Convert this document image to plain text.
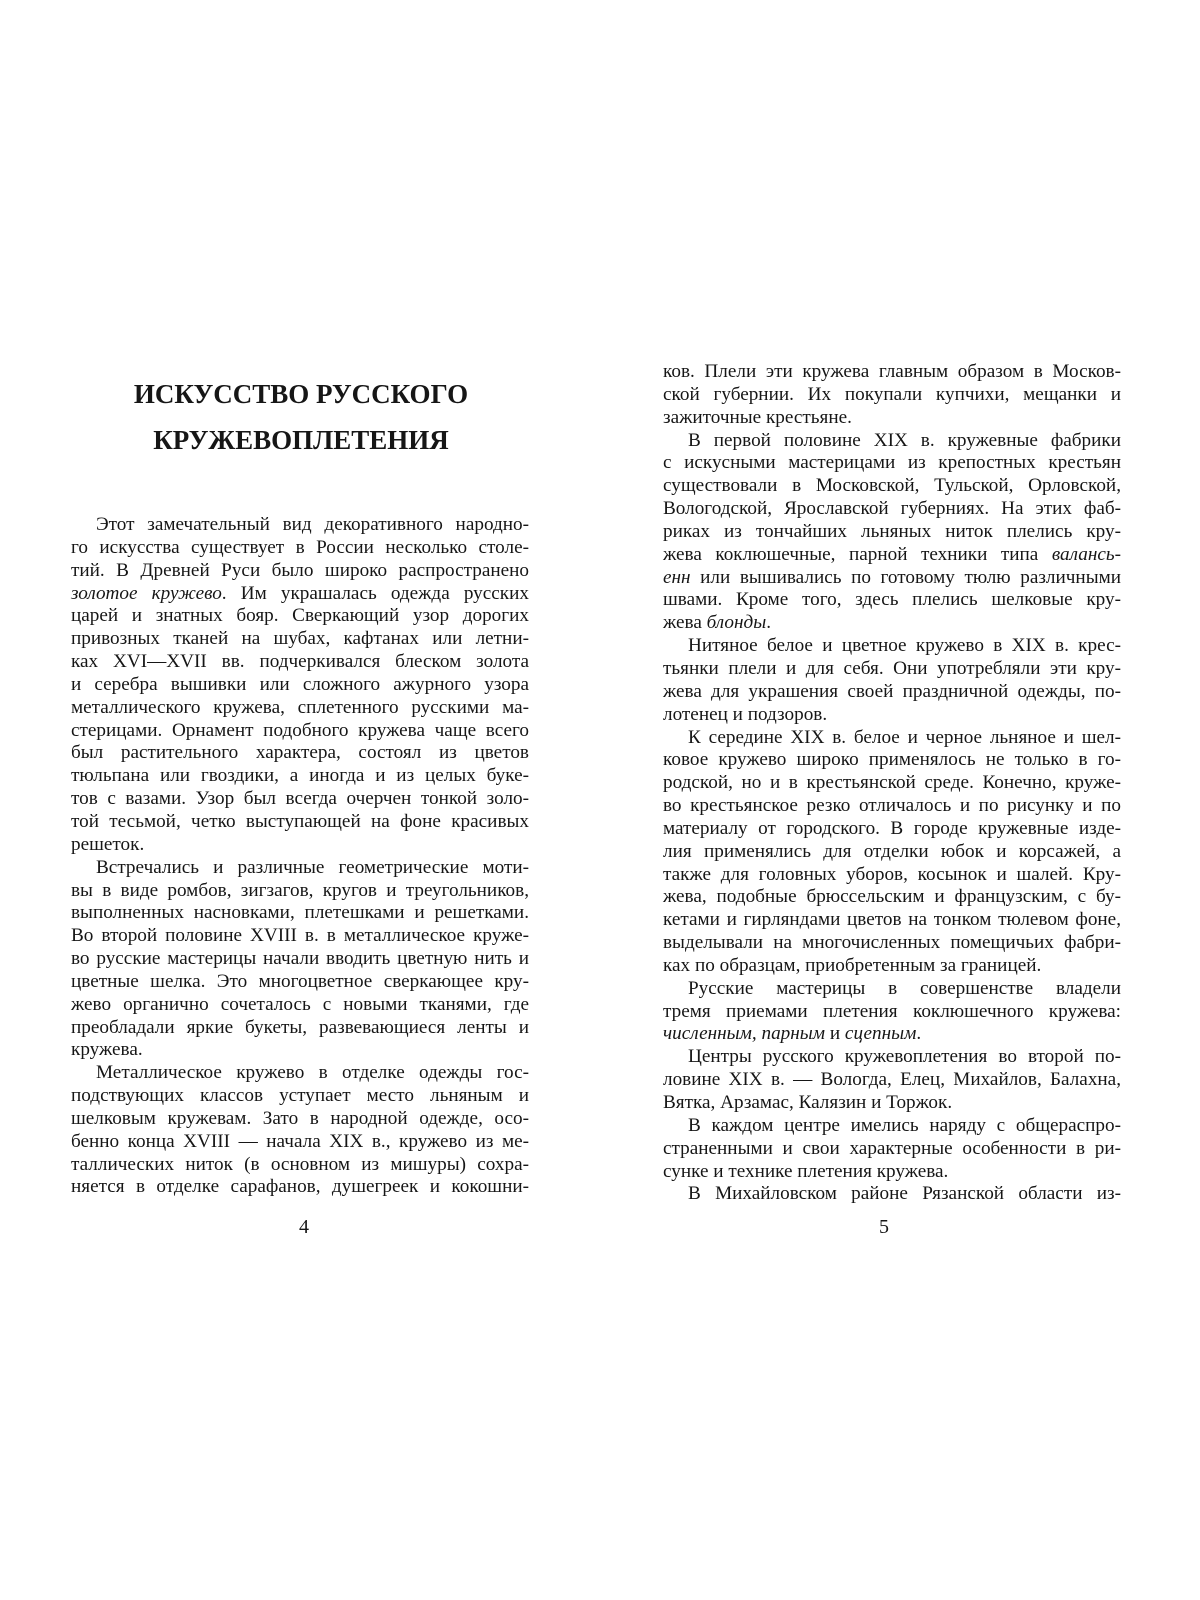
ИСКУССТВО РУССКОГО
КРУЖЕВОПЛЕТЕНИЯ
Этот замечательный вид декоративного народно-
го искусства существует в России несколько столе-
тий. В Древней Руси было широко распространено
золотое кружево. Им украшалась одежда русских
царей и знатных бояр. Сверкающий узор дорогих
привозных тканей на шубах, кафтанах или летни-
ках XVI—XVII вв. подчеркивался блеском золота
и серебра вышивки или сложного ажурного узора
металлического кружева, сплетенного русскими ма-
стерицами. Орнамент подобного кружева чаще всего
был растительного характера, состоял из цветов
тюльпана или гвоздики, а иногда и из целых буке-
тов с вазами. Узор был всегда очерчен тонкой золо-
той тесьмой, четко выступающей на фоне красивых
решеток.
Встречались и различные геометрические моти-
вы в виде ромбов, зигзагов, кругов и треугольников,
выполненных насновками, плетешками и решетками.
Во второй половине XVIII в. в металлическое круже-
во русские мастерицы начали вводить цветную нить и
цветные шелка. Это многоцветное сверкающее кру-
жево органично сочеталось с новыми тканями, где
преобладали яркие букеты, развевающиеся ленты и
кружева.
Металлическое кружево в отделке одежды гос-
подствующих классов уступает место льняным и
шелковым кружевам. Зато в народной одежде, осо-
бенно конца XVIII — начала XIX в., кружево из ме-
таллических ниток (в основном из мишуры) сохра-
няется в отделке сарафанов, душегреек и кокошни-

4

ков. Плели эти кружева главным образом в Москов-
ской губернии. Их покупали купчихи, мещанки и
зажиточные крестьяне.
В первой половине XIX в. кружевные фабрики
с искусными мастерицами из крепостных крестьян
существовали в Московской, Тульской, Орловской,
Вологодской, Ярославской губерниях. На этих фаб-
риках из тончайших льняных ниток плелись кру-
жева коклюшечные, парной техники типа валансь-
енн или вышивались по готовому тюлю различными
швами. Кроме того, здесь плелись шелковые кру-
жева блонды.
Нитяное белое и цветное кружево в XIX в. крес-
тьянки плели и для себя. Они употребляли эти кру-
жева для украшения своей праздничной одежды, по-
лотенец и подзоров.
К середине XIX в. белое и черное льняное и шел-
ковое кружево широко применялось не только в го-
родской, но и в крестьянской среде. Конечно, круже-
во крестьянское резко отличалось и по рисунку и по
материалу от городского. В городе кружевные изде-
лия применялись для отделки юбок и корсажей, а
также для головных уборов, косынок и шалей. Кру-
жева, подобные брюссельским и французским, с бу-
кетами и гирляндами цветов на тонком тюлевом фоне,
выделывали на многочисленных помещичьих фабри-
ках по образцам, приобретенным за границей.
Русские мастерицы в совершенстве владели
тремя приемами плетения коклюшечного кружева:
численным, парным и сцепным.
Центры русского кружевоплетения во второй по-
ловине XIX в. — Вологда, Елец, Михайлов, Балахна,
Вятка, Арзамас, Калязин и Торжок.
В каждом центре имелись наряду с общераспро-
страненными и свои характерные особенности в ри-
сунке и технике плетения кружева.
В Михайловском районе Рязанской области из-

5
